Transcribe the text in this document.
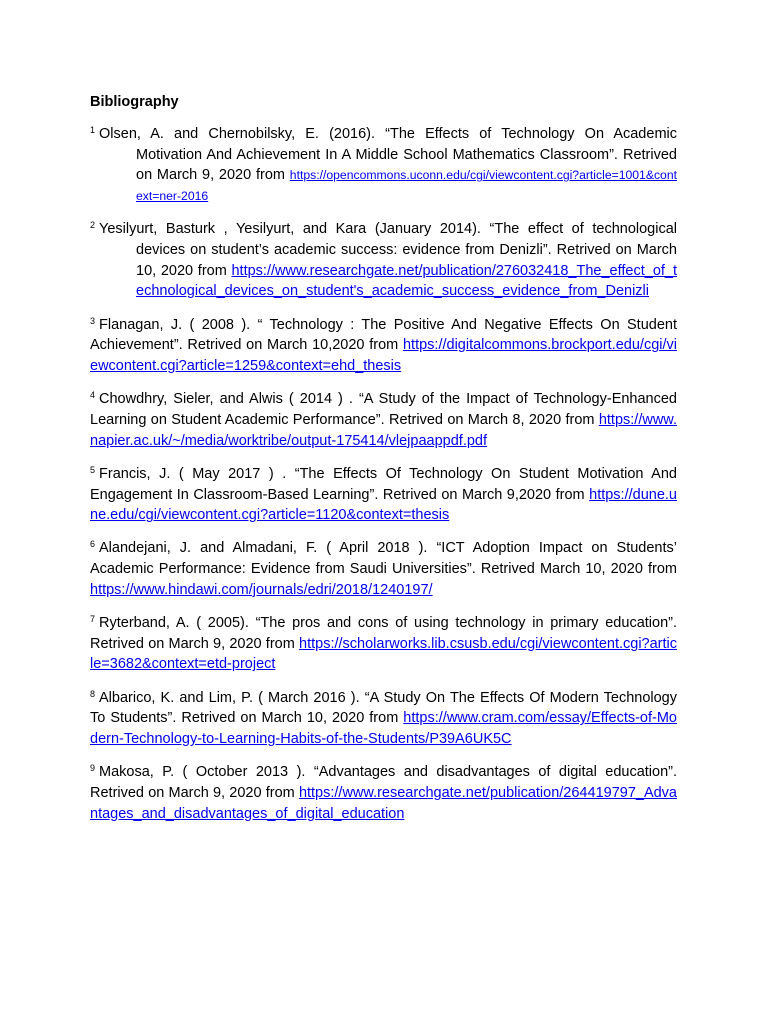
Bibliography

$^1$ Olsen, A. and Chernobilsky, E. (2016). “The Effects of Technology On Academic Motivation And Achievement In A Middle School Mathematics Classroom”. Retrived on March 9, 2020 from https://opencommons.uconn.edu/cgi/viewcontent.cgi?article=1001&context=ner-2016

$^2$ Yesilyurt, Basturk , Yesilyurt, and Kara (January 2014). “The effect of technological devices on student’s academic success: evidence from Denizli”. Retrived on March 10, 2020 from https://www.researchgate.net/publication/276032418_The_effect_of_technological_devices_on_student's_academic_success_evidence_from_Denizli

$^3$ Flanagan, J. ( 2008 ). “ Technology : The Positive And Negative Effects On Student Achievement”. Retrived on March 10,2020 from https://digitalcommons.brockport.edu/cgi/viewcontent.cgi?article=1259&context=ehd_thesis

$^4$ Chowdhry, Sieler, and Alwis ( 2014 ) . “A Study of the Impact of Technology-Enhanced Learning on Student Academic Performance”. Retrived on March 8, 2020 from https://www.napier.ac.uk/~/media/worktribe/output-175414/vlejpaappdf.pdf

$^5$ Francis, J. ( May 2017 ) . “The Effects Of Technology On Student Motivation And Engagement In Classroom-Based Learning”. Retrived on March 9,2020 from https://dune.une.edu/cgi/viewcontent.cgi?article=1120&context=thesis

$^6$ Alandejani, J. and Almadani, F. ( April 2018 ). “ICT Adoption Impact on Students’ Academic Performance: Evidence from Saudi Universities”. Retrived March 10, 2020 from https://www.hindawi.com/journals/edri/2018/1240197/

$^7$ Ryterband, A. ( 2005). “The pros and cons of using technology in primary education”. Retrived on March 9, 2020 from https://scholarworks.lib.csusb.edu/cgi/viewcontent.cgi?article=3682&context=etd-project

$^8$ Albarico, K. and Lim, P. ( March 2016 ). “A Study On The Effects Of Modern Technology To Students”. Retrived on March 10, 2020 from https://www.cram.com/essay/Effects-of-Modern-Technology-to-Learning-Habits-of-the-Students/P39A6UK5C

$^9$ Makosa, P. ( October 2013 ). “Advantages and disadvantages of digital education”. Retrived on March 9, 2020 from https://www.researchgate.net/publication/264419797_Advantages_and_disadvantages_of_digital_education
